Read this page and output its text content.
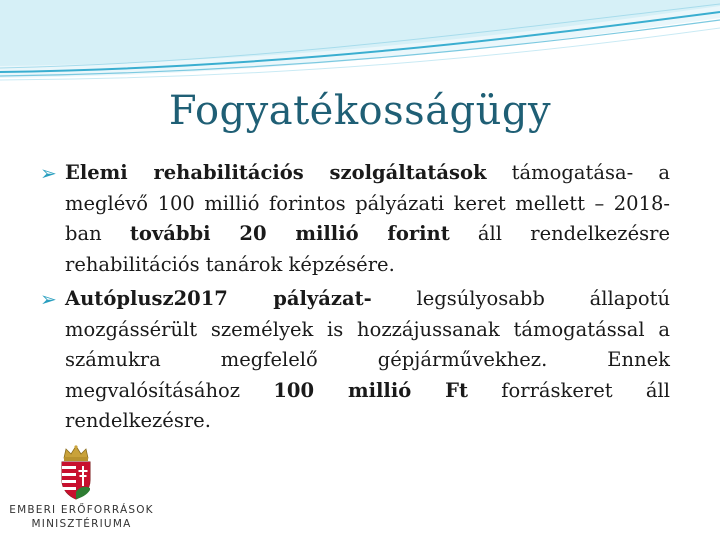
Fogyatékosságügy
➢ Elemi rehabilitációs szolgáltatások támogatása- a meglévő 100 millió forintos pályázati keret mellett – 2018-ban további 20 millió forint áll rendelkezésre rehabilitációs tanárok képzésére.
➢ Autóplusz2017 pályázat- legsúlyosabb állapotú mozgássérült személyek is hozzájussanak támogatással a számukra megfelelő gépjárművekhez. Ennek megvalósításához 100 millió Ft forráskeret áll rendelkezésre.
EMBERI ERŐFORRÁSOK
MINISZTÉRIUMA
